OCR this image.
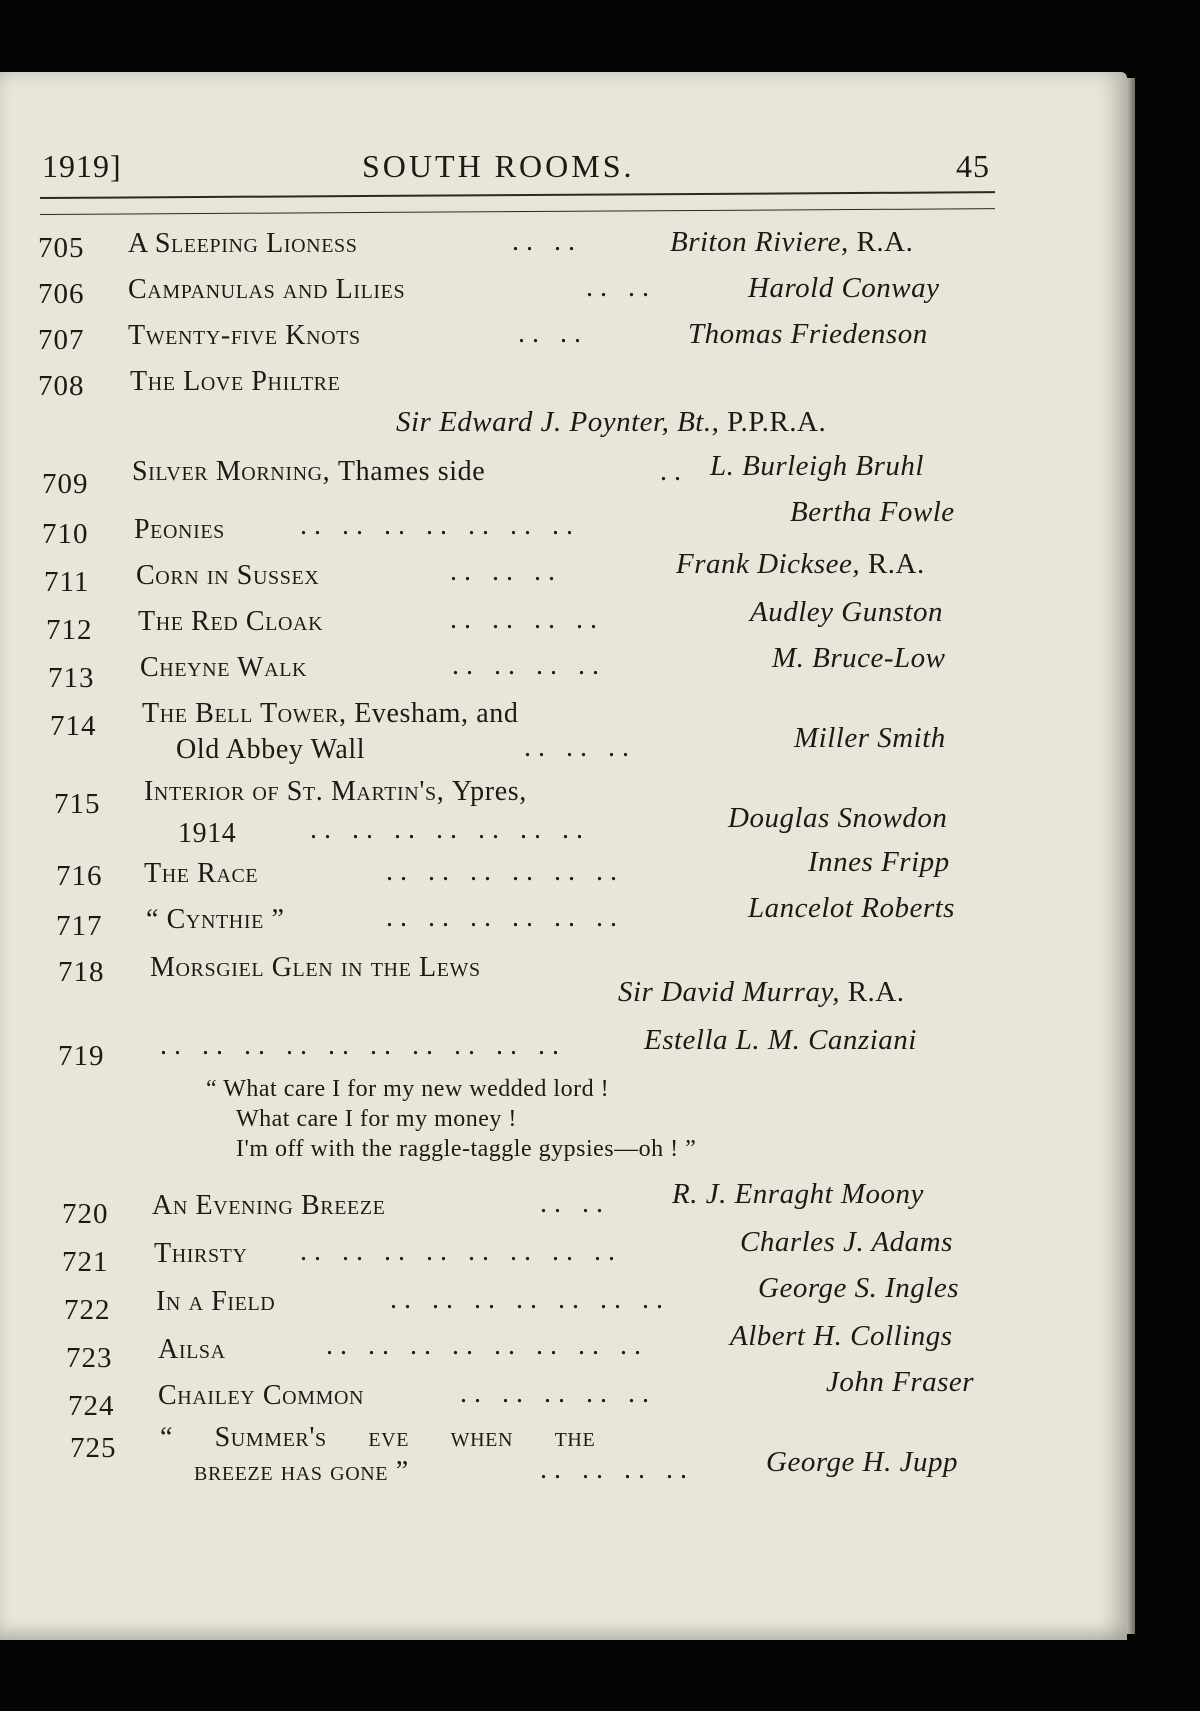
1919]	SOUTH ROOMS.	45
705 A Sleeping Lioness	.. ..	Briton Riviere, R.A.
706 Campanulas and Lilies	.. ..	Harold Conway
707 Twenty-five Knots	.. ..	Thomas Friedenson
708 The Love Philtre
Sir Edward J. Poynter, Bt., P.P.R.A.
709 Silver Morning, Thames side	.. L. Burleigh Bruhl
710 Peonies	.. .. .. .. .. .. ..	Bertha Fowle
711 Corn in Sussex	.. .. ..	Frank Dicksee, R.A.
712 The Red Cloak	.. .. .. ..	Audley Gunston
713 Cheyne Walk	.. .. .. ..	M. Bruce-Low
714 The Bell Tower, Evesham, and
Old Abbey Wall	.. .. ..	Miller Smith
715 Interior of St. Martin's, Ypres,
1914	.. .. .. .. .. .. ..	Douglas Snowdon
716 The Race	.. .. .. .. .. ..	Innes Fripp
717 “ Cynthie ”	.. .. .. .. .. ..	Lancelot Roberts
718 Morsgiel Glen in the Lews
Sir David Murray, R.A.
719 .. .. .. .. .. .. .. .. .. ..	Estella L. M. Canziani
“ What care I for my new wedded lord !
What care I for my money !
I'm off with the raggle-taggle gypsies—oh ! ”
720 An Evening Breeze	.. .. R. J. Enraght Moony
721 Thirsty .. .. .. .. .. .. .. ..	Charles J. Adams
722 In a Field	.. .. .. .. .. .. ..	George S. Ingles
723 Ailsa	.. .. .. .. .. .. .. ..	Albert H. Collings
724 Chailey Common	.. .. .. .. ..	John Fraser
725 “ Summer's eve when the
breeze has gone ”	.. .. .. .. George H. Jupp
